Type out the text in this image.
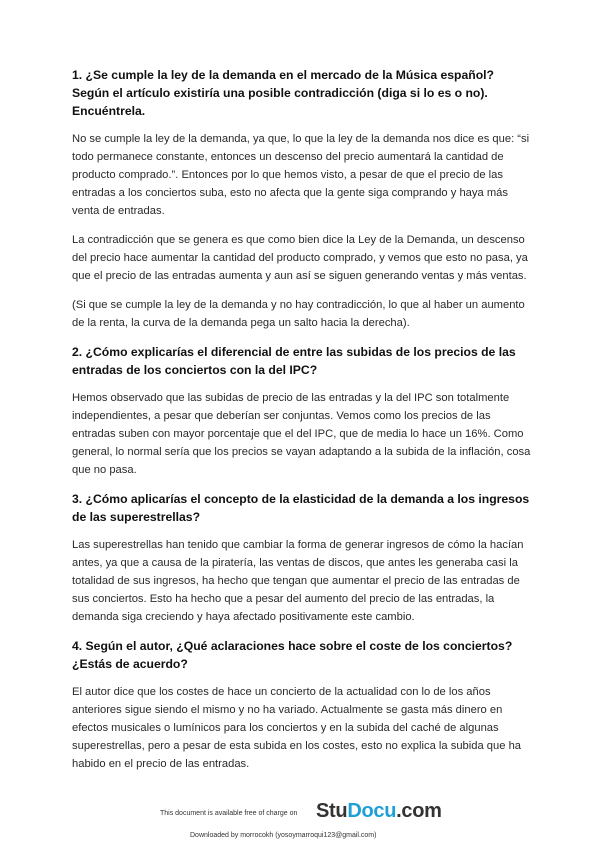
1. ¿Se cumple la ley de la demanda en el mercado de la Música español? Según el artículo existiría una posible contradicción (diga si lo es o no). Encuéntrela.

No se cumple la ley de la demanda, ya que, lo que la ley de la demanda nos dice es que: “si todo permanece constante, entonces un descenso del precio aumentará la cantidad de producto comprado.”. Entonces por lo que hemos visto, a pesar de que el precio de las entradas a los conciertos suba, esto no afecta que la gente siga comprando y haya más venta de entradas.

La contradicción que se genera es que como bien dice la Ley de la Demanda, un descenso del precio hace aumentar la cantidad del producto comprado, y vemos que esto no pasa, ya que el precio de las entradas aumenta y aun así se siguen generando ventas y más ventas.

(Si que se cumple la ley de la demanda y no hay contradicción, lo que al haber un aumento de la renta, la curva de la demanda pega un salto hacia la derecha).

2. ¿Cómo explicarías el diferencial de entre las subidas de los precios de las entradas de los conciertos con la del IPC?

Hemos observado que las subidas de precio de las entradas y la del IPC son totalmente independientes, a pesar que deberían ser conjuntas. Vemos como los precios de las entradas suben con mayor porcentaje que el del IPC, que de media lo hace un 16%. Como general, lo normal sería que los precios se vayan adaptando a la subida de la inflación, cosa que no pasa.

3. ¿Cómo aplicarías el concepto de la elasticidad de la demanda a los ingresos de las superestrellas?

Las superestrellas han tenido que cambiar la forma de generar ingresos de cómo la hacían antes, ya que a causa de la piratería, las ventas de discos, que antes les generaba casi la totalidad de sus ingresos, ha hecho que tengan que aumentar el precio de las entradas de sus conciertos. Esto ha hecho que a pesar del aumento del precio de las entradas, la demanda siga creciendo y haya afectado positivamente este cambio.

4. Según el autor, ¿Qué aclaraciones hace sobre el coste de los conciertos? ¿Estás de acuerdo?

El autor dice que los costes de hace un concierto de la actualidad con lo de los años anteriores sigue siendo el mismo y no ha variado. Actualmente se gasta más dinero en efectos musicales o lumínicos para los conciertos y en la subida del caché de algunas superestrellas, pero a pesar de esta subida en los costes, esto no explica la subida que ha habido en el precio de las entradas.

This document is available free of charge on StuDocu.com
Downloaded by morrocokh (yosoymarroqui123@gmail.com)
